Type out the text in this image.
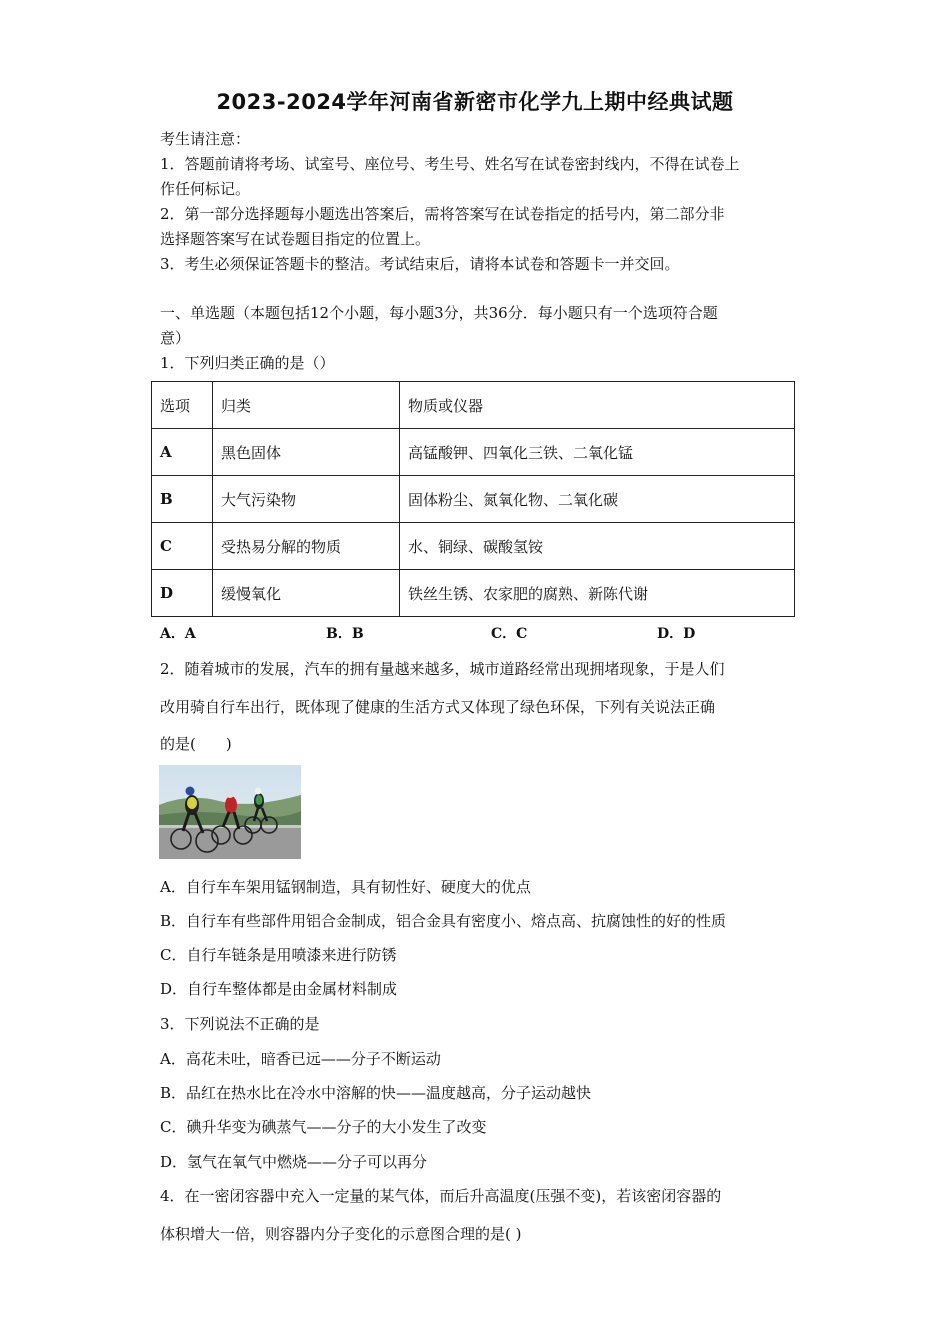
2023-2024学年河南省新密市化学九上期中经典试题
考生请注意：
1．答题前请将考场、试室号、座位号、考生号、姓名写在试卷密封线内，不得在试卷上
作任何标记。
2．第一部分选择题每小题选出答案后，需将答案写在试卷指定的括号内，第二部分非
选择题答案写在试卷题目指定的位置上。
3．考生必须保证答题卡的整洁。考试结束后，请将本试卷和答题卡一并交回。
一、单选题（本题包括12个小题，每小题3分，共36分．每小题只有一个选项符合题
意）
1．下列归类正确的是（）
选项	归类	物质或仪器
A	黑色固体	高锰酸钾、四氧化三铁、二氧化锰
B	大气污染物	固体粉尘、氮氧化物、二氧化碳
C	受热易分解的物质	水、铜绿、碳酸氢铵
D	缓慢氧化	铁丝生锈、农家肥的腐熟、新陈代谢
A．A	B．B	C．C	D．D
2．随着城市的发展，汽车的拥有量越来越多，城市道路经常出现拥堵现象，于是人们
改用骑自行车出行，既体现了健康的生活方式又体现了绿色环保，下列有关说法正确
的是(　　)
A．自行车车架用锰钢制造，具有韧性好、硬度大的优点
B．自行车有些部件用铝合金制成，铝合金具有密度小、熔点高、抗腐蚀性的好的性质
C．自行车链条是用喷漆来进行防锈
D．自行车整体都是由金属材料制成
3．下列说法不正确的是
A．高花未吐，暗香已远——分子不断运动
B．品红在热水比在冷水中溶解的快——温度越高，分子运动越快
C．碘升华变为碘蒸气——分子的大小发生了改变
D．氢气在氧气中燃烧——分子可以再分
4．在一密闭容器中充入一定量的某气体，而后升高温度(压强不变)，若该密闭容器的
体积增大一倍，则容器内分子变化的示意图合理的是( )
